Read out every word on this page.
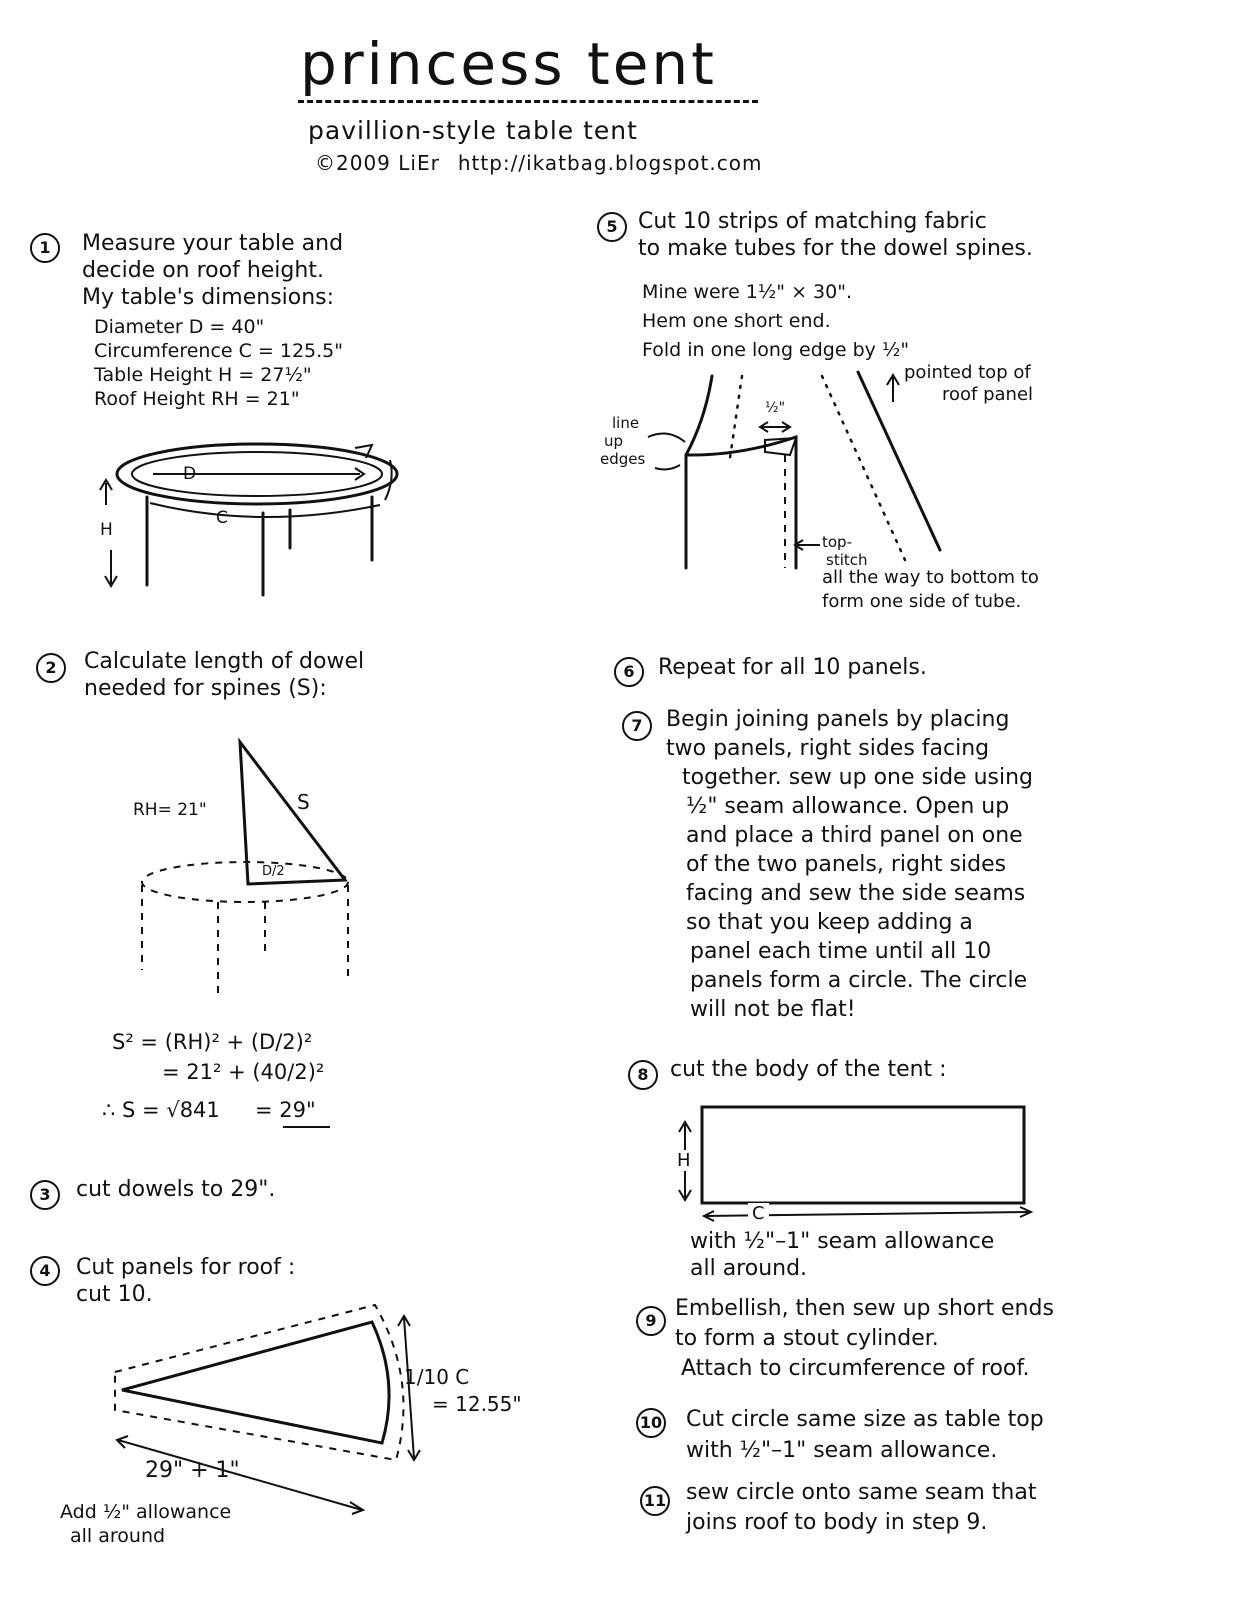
princess tent
pavillion-style table tent
©2009 LiEr http://ikatbag.blogspot.com
1	Measure your table and
decide on roof height.
My table's dimensions:
Diameter D = 40"
Circumference C = 125.5"
Table Height H = 27½"
Roof Height RH = 21"
D
C
H
2	Calculate length of dowel
needed for spines (S):
RH= 21"	S
D/2
S² = (RH)² + (D/2)²
= 21² + (40/2)²
∴ S = √841 = 29"
3	cut dowels to 29".
4	Cut panels for roof :
cut 10.
1/10 C
= 12.55"
29" + 1"
Add ½" allowance
all around
5 Cut 10 strips of matching fabric
to make tubes for the dowel spines.
Mine were 1½" × 30".
Hem one short end.
Fold in one long edge by ½"
pointed top of
roof panel
½"
line
up
edges
top-
stitch
all the way to bottom to
form one side of tube.
6	Repeat for all 10 panels.
7	Begin joining panels by placing
two panels, right sides facing
together. sew up one side using
½" seam allowance. Open up
and place a third panel on one
of the two panels, right sides
facing and sew the side seams
so that you keep adding a
panel each time until all 10
panels form a circle. The circle
will not be flat!
8 cut the body of the tent :
H
C
with ½"–1" seam allowance
all around.
9 Embellish, then sew up short ends
to form a stout cylinder.
Attach to circumference of roof.
10 Cut circle same size as table top
with ½"–1" seam allowance.
11 sew circle onto same seam that
joins roof to body in step 9.
